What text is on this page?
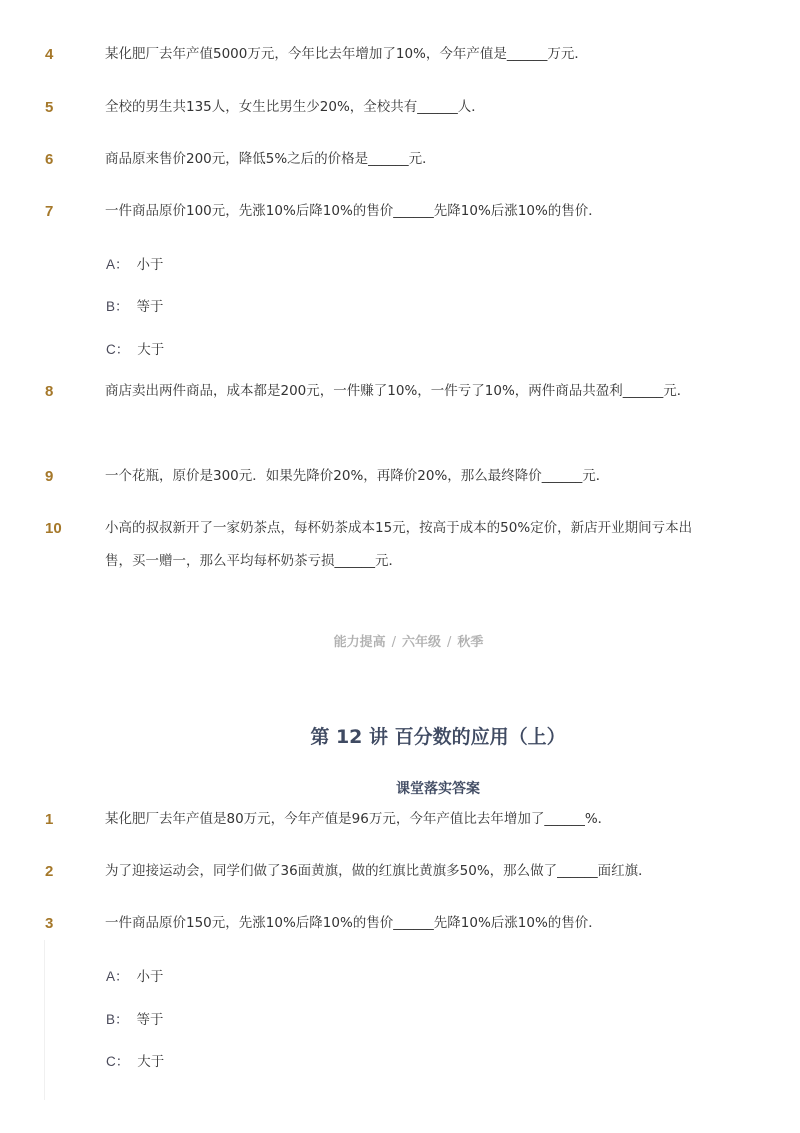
4	某化肥厂去年产值5000万元，今年比去年增加了10%，今年产值是______万元．
5	全校的男生共135人，女生比男生少20%，全校共有______人．
6	商品原来售价200元，降低5%之后的价格是______元．
7	一件商品原价100元，先涨10%后降10%的售价______先降10%后涨10%的售价．
A： 小于
B： 等于
C： 大于
8	商店卖出两件商品，成本都是200元，一件赚了10%，一件亏了10%，两件商品共盈利______元．
9	一个花瓶，原价是300元．如果先降价20%，再降价20%，那么最终降价______元．
10	小高的叔叔新开了一家奶茶点，每杯奶茶成本15元，按高于成本的50%定价，新店开业期间亏本出售，买一赠一，那么平均每杯奶茶亏损______元．
能力提高 / 六年级 / 秋季
第 12 讲 百分数的应用（上）
课堂落实答案
1	某化肥厂去年产值是80万元，今年产值是96万元，今年产值比去年增加了______%．
2	为了迎接运动会，同学们做了36面黄旗，做的红旗比黄旗多50%，那么做了______面红旗．
3	一件商品原价150元，先涨10%后降10%的售价______先降10%后涨10%的售价．
A： 小于
B： 等于
C： 大于
